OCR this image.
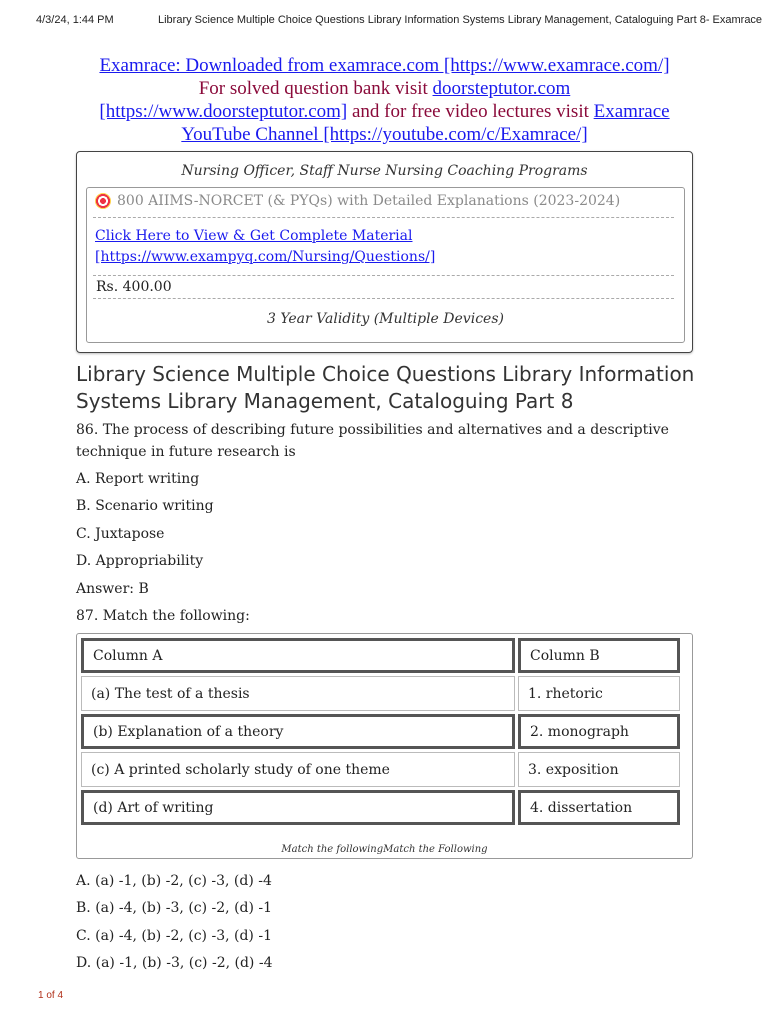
4/3/24, 1:44 PM	Library Science Multiple Choice Questions Library Information Systems Library Management, Cataloguing Part 8- Examrace
Examrace: Downloaded from examrace.com [https://www.examrace.com/]
For solved question bank visit doorsteptutor.com
[https://www.doorsteptutor.com] and for free video lectures visit Examrace
YouTube Channel [https://youtube.com/c/Examrace/]
Nursing Officer, Staff Nurse Nursing Coaching Programs
800 AIIMS-NORCET (& PYQs) with Detailed Explanations (2023-2024)
Click Here to View & Get Complete Material
[https://www.exampyq.com/Nursing/Questions/]
Rs. 400.00
3 Year Validity (Multiple Devices)
Library Science Multiple Choice Questions Library Information Systems Library Management, Cataloguing Part 8
86. The process of describing future possibilities and alternatives and a descriptive technique in future research is
A. Report writing
B. Scenario writing
C. Juxtapose
D. Appropriability
Answer: B
87. Match the following:
Column A	Column B
(a) The test of a thesis	1. rhetoric
(b) Explanation of a theory	2. monograph
(c) A printed scholarly study of one theme	3. exposition
(d) Art of writing	4. dissertation
Match the followingMatch the Following
A. (a) -1, (b) -2, (c) -3, (d) -4
B. (a) -4, (b) -3, (c) -2, (d) -1
C. (a) -4, (b) -2, (c) -3, (d) -1
D. (a) -1, (b) -3, (c) -2, (d) -4
1 of 4
